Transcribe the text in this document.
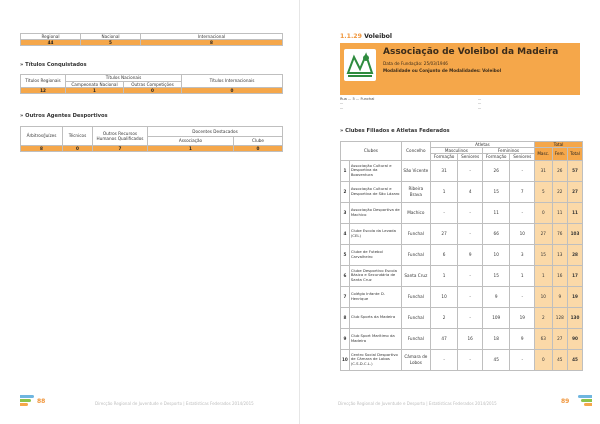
Regional	Nacional	Internacional
44	5	8
» Títulos Conquistados
Títulos Regionais	Títulos Nacionais		Títulos Internacionais
	Campeonato Nacional	Outras Competições	
12	1	0	0
» Outros Agentes Desportivos
Árbitros/Juízes	Técnicos	Outros Recursos Humanos Qualificados	Docentes Destacados	
			Associação	Clube
8	0	7	1	0
88	Direcção Regional de Juventude e Desporto | Estatísticas Federados 2014/2015
1.1.29 Voleibol
Associação de Voleibol da Madeira
Data de Fundação: 25/03/1946
Modalidade ou Conjunto de Modalidades: Voleibol
Rua ... 5 ... Funchal
...
...
...
...
...
» Clubes Filiados e Atletas Federados
Clubes		Concelho	Atletas				Total		
			Masculinos		Femininos		Masc.	Fem.	Total
			Formação	Seniores	Formação	Seniores			
1	Associação Cultural e Desportiva da Boaventura	São Vicente	31	-	26	-	31	26	57
2	Associação Cultural e Desportiva de São Lázaro	Ribeira Brava	1	4	15	7	5	22	27
3	Associação Desportiva de Machico	Machico	-	-	11	-	0	11	11
4	Clube Escola da Levada (CEL)	Funchal	27	-	66	10	27	76	103
5	Clube de Futebol Carvalheiro	Funchal	6	9	10	3	15	13	28
6	Clube Desportivo Escola Básica e Secundária de Santa Cruz	Santa Cruz	1	-	15	1	1	16	17
7	Colégio Infante D. Henrique	Funchal	10	-	9	-	10	9	19
8	Club Sports da Madeira	Funchal	2	-	109	19	2	128	130
9	Club Sport Marítimo da Madeira	Funchal	47	16	18	9	63	27	90
10	Centro Social Desportivo de Câmara de Lobos (C.S.D.C.L.)	Câmara de Lobos	-	-	45	-	0	45	45
Direcção Regional de Juventude e Desporto | Estatísticas Federados 2014/2015	89
